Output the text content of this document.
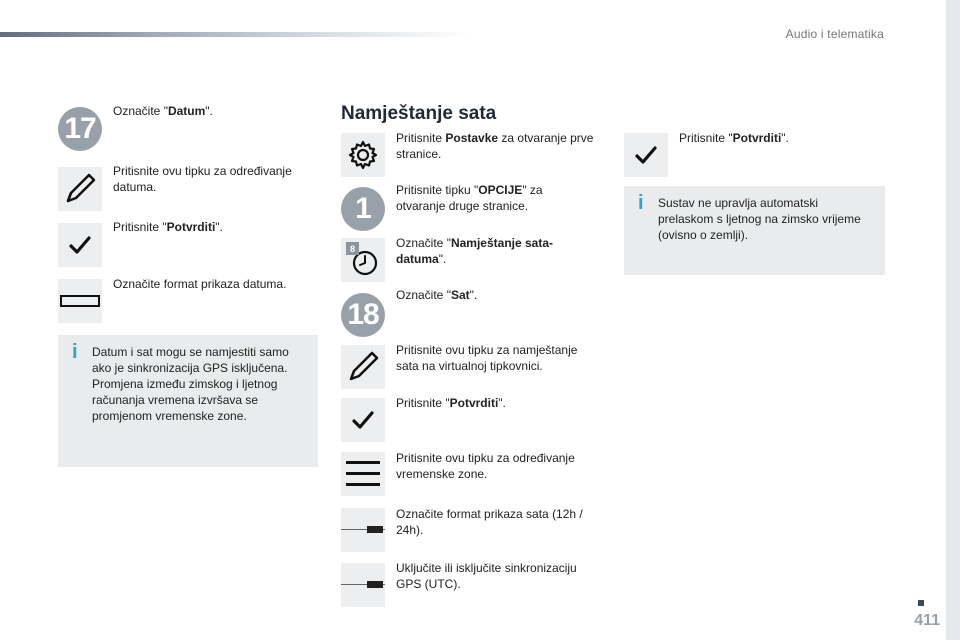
Audio i telematika
411
17
Označite "Datum".
Pritisnite ovu tipku za određivanje datuma.
Pritisnite "Potvrditi".
Označite format prikaza datuma.
i Datum i sat mogu se namjestiti samo ako je sinkronizacija GPS isključena. Promjena između zimskog i ljetnog računanja vremena izvršava se promjenom vremenske zone.
Namještanje sata
Pritisnite Postavke za otvaranje prve stranice.
1
Pritisnite tipku "OPCIJE" za otvaranje druge stranice.
8	Označite "Namještanje sata-datuma".
18
Označite "Sat".
Pritisnite ovu tipku za namještanje sata na virtualnoj tipkovnici.
Pritisnite "Potvrditi".
Pritisnite ovu tipku za određivanje vremenske zone.
Označite format prikaza sata (12h / 24h).
Uključite ili isključite sinkronizaciju GPS (UTC).
Pritisnite "Potvrditi".
i Sustav ne upravlja automatski prelaskom s ljetnog na zimsko vrijeme (ovisno o zemlji).
